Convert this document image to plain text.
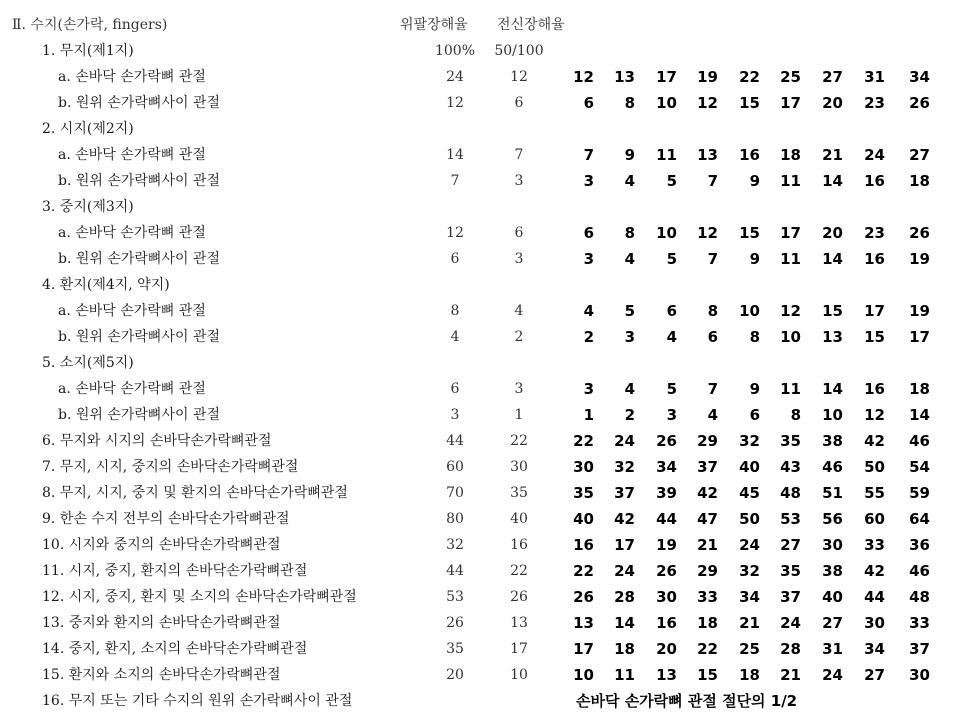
Ⅱ. 수지(손가락, fingers)	위팔장해율 전신장해율
1. 무지(제1지)	100%	50/100
a. 손바닥 손가락뼈 관절	24	12	12	13	17	19	22	25	27	31	34
b. 원위 손가락뼈사이 관절	12	6	6	8	10	12	15	17	20	23	26
2. 시지(제2지)
a. 손바닥 손가락뼈 관절	14	7	7	9	11	13	16	18	21	24	27
b. 원위 손가락뼈사이 관절	7	3	3	4	5	7	9	11	14	16	18
3. 중지(제3지)
a. 손바닥 손가락뼈 관절	12	6	6	8	10	12	15	17	20	23	26
b. 원위 손가락뼈사이 관절	6	3	3	4	5	7	9	11	14	16	19
4. 환지(제4지, 약지)
a. 손바닥 손가락뼈 관절	8	4	4	5	6	8	10	12	15	17	19
b. 원위 손가락뼈사이 관절	4	2	2	3	4	6	8	10	13	15	17
5. 소지(제5지)
a. 손바닥 손가락뼈 관절	6	3	3	4	5	7	9	11	14	16	18
b. 원위 손가락뼈사이 관절	3	1	1	2	3	4	6	8	10	12	14
6. 무지와 시지의 손바닥손가락뼈관절	44	22	22	24	26	29	32	35	38	42	46
7. 무지, 시지, 중지의 손바닥손가락뼈관절	60	30	30	32	34	37	40	43	46	50	54
8. 무지, 시지, 중지 및 환지의 손바닥손가락뼈관절	70	35	35	37	39	42	45	48	51	55	59
9. 한손 수지 전부의 손바닥손가락뼈관절	80	40	40	42	44	47	50	53	56	60	64
10. 시지와 중지의 손바닥손가락뼈관절	32	16	16	17	19	21	24	27	30	33	36
11. 시지, 중지, 환지의 손바닥손가락뼈관절	44	22	22	24	26	29	32	35	38	42	46
12. 시지, 중지, 환지 및 소지의 손바닥손가락뼈관절	53	26	26	28	30	33	34	37	40	44	48
13. 중지와 환지의 손바닥손가락뼈관절	26	13	13	14	16	18	21	24	27	30	33
14. 중지, 환지, 소지의 손바닥손가락뼈관절	35	17	17	18	20	22	25	28	31	34	37
15. 환지와 소지의 손바닥손가락뼈관절	20	10	10	11	13	15	18	21	24	27	30
16. 무지 또는 기타 수지의 원위 손가락뼈사이 관절	손바닥 손가락뼈 관절 절단의 1/2
